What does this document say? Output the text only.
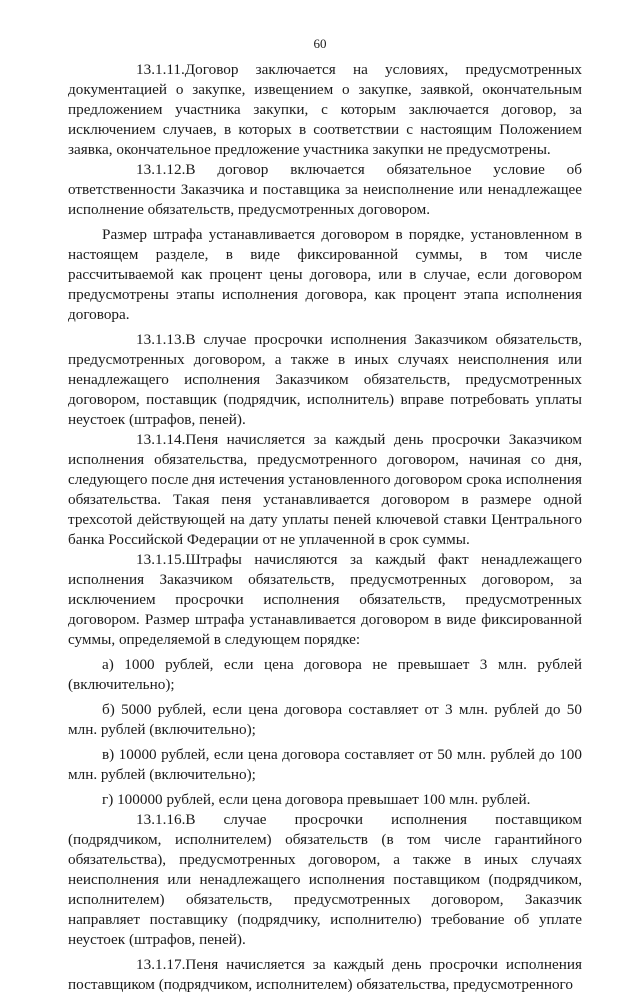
60

13.1.11.Договор заключается на условиях, предусмотренных документацией о закупке, извещением о закупке, заявкой, окончательным предложением участника закупки, с которым заключается договор, за исключением случаев, в которых в соответствии с настоящим Положением заявка, окончательное предложение участника закупки не предусмотрены.

13.1.12.В договор включается обязательное условие об ответственности Заказчика и поставщика за неисполнение или ненадлежащее исполнение обязательств, предусмотренных договором.

Размер штрафа устанавливается договором в порядке, установленном в настоящем разделе, в виде фиксированной суммы, в том числе рассчитываемой как процент цены договора, или в случае, если договором предусмотрены этапы исполнения договора, как процент этапа исполнения договора.

13.1.13.В случае просрочки исполнения Заказчиком обязательств, предусмотренных договором, а также в иных случаях неисполнения или ненадлежащего исполнения Заказчиком обязательств, предусмотренных договором, поставщик (подрядчик, исполнитель) вправе потребовать уплаты неустоек (штрафов, пеней).

13.1.14.Пеня начисляется за каждый день просрочки Заказчиком исполнения обязательства, предусмотренного договором, начиная со дня, следующего после дня истечения установленного договором срока исполнения обязательства. Такая пеня устанавливается договором в размере одной трехсотой действующей на дату уплаты пеней ключевой ставки Центрального банка Российской Федерации от не уплаченной в срок суммы.

13.1.15.Штрафы начисляются за каждый факт ненадлежащего исполнения Заказчиком обязательств, предусмотренных договором, за исключением просрочки исполнения обязательств, предусмотренных договором. Размер штрафа устанавливается договором в виде фиксированной суммы, определяемой в следующем порядке:

а) 1000 рублей, если цена договора не превышает 3 млн. рублей (включительно);

б) 5000 рублей, если цена договора составляет от 3 млн. рублей до 50 млн. рублей (включительно);

в) 10000 рублей, если цена договора составляет от 50 млн. рублей до 100 млн. рублей (включительно);

г) 100000 рублей, если цена договора превышает 100 млн. рублей.

13.1.16.В случае просрочки исполнения поставщиком (подрядчиком, исполнителем) обязательств (в том числе гарантийного обязательства), предусмотренных договором, а также в иных случаях неисполнения или ненадлежащего исполнения поставщиком (подрядчиком, исполнителем) обязательств, предусмотренных договором, Заказчик направляет поставщику (подрядчику, исполнителю) требование об уплате неустоек (штрафов, пеней).

13.1.17.Пеня начисляется за каждый день просрочки исполнения поставщиком (подрядчиком, исполнителем) обязательства, предусмотренного
